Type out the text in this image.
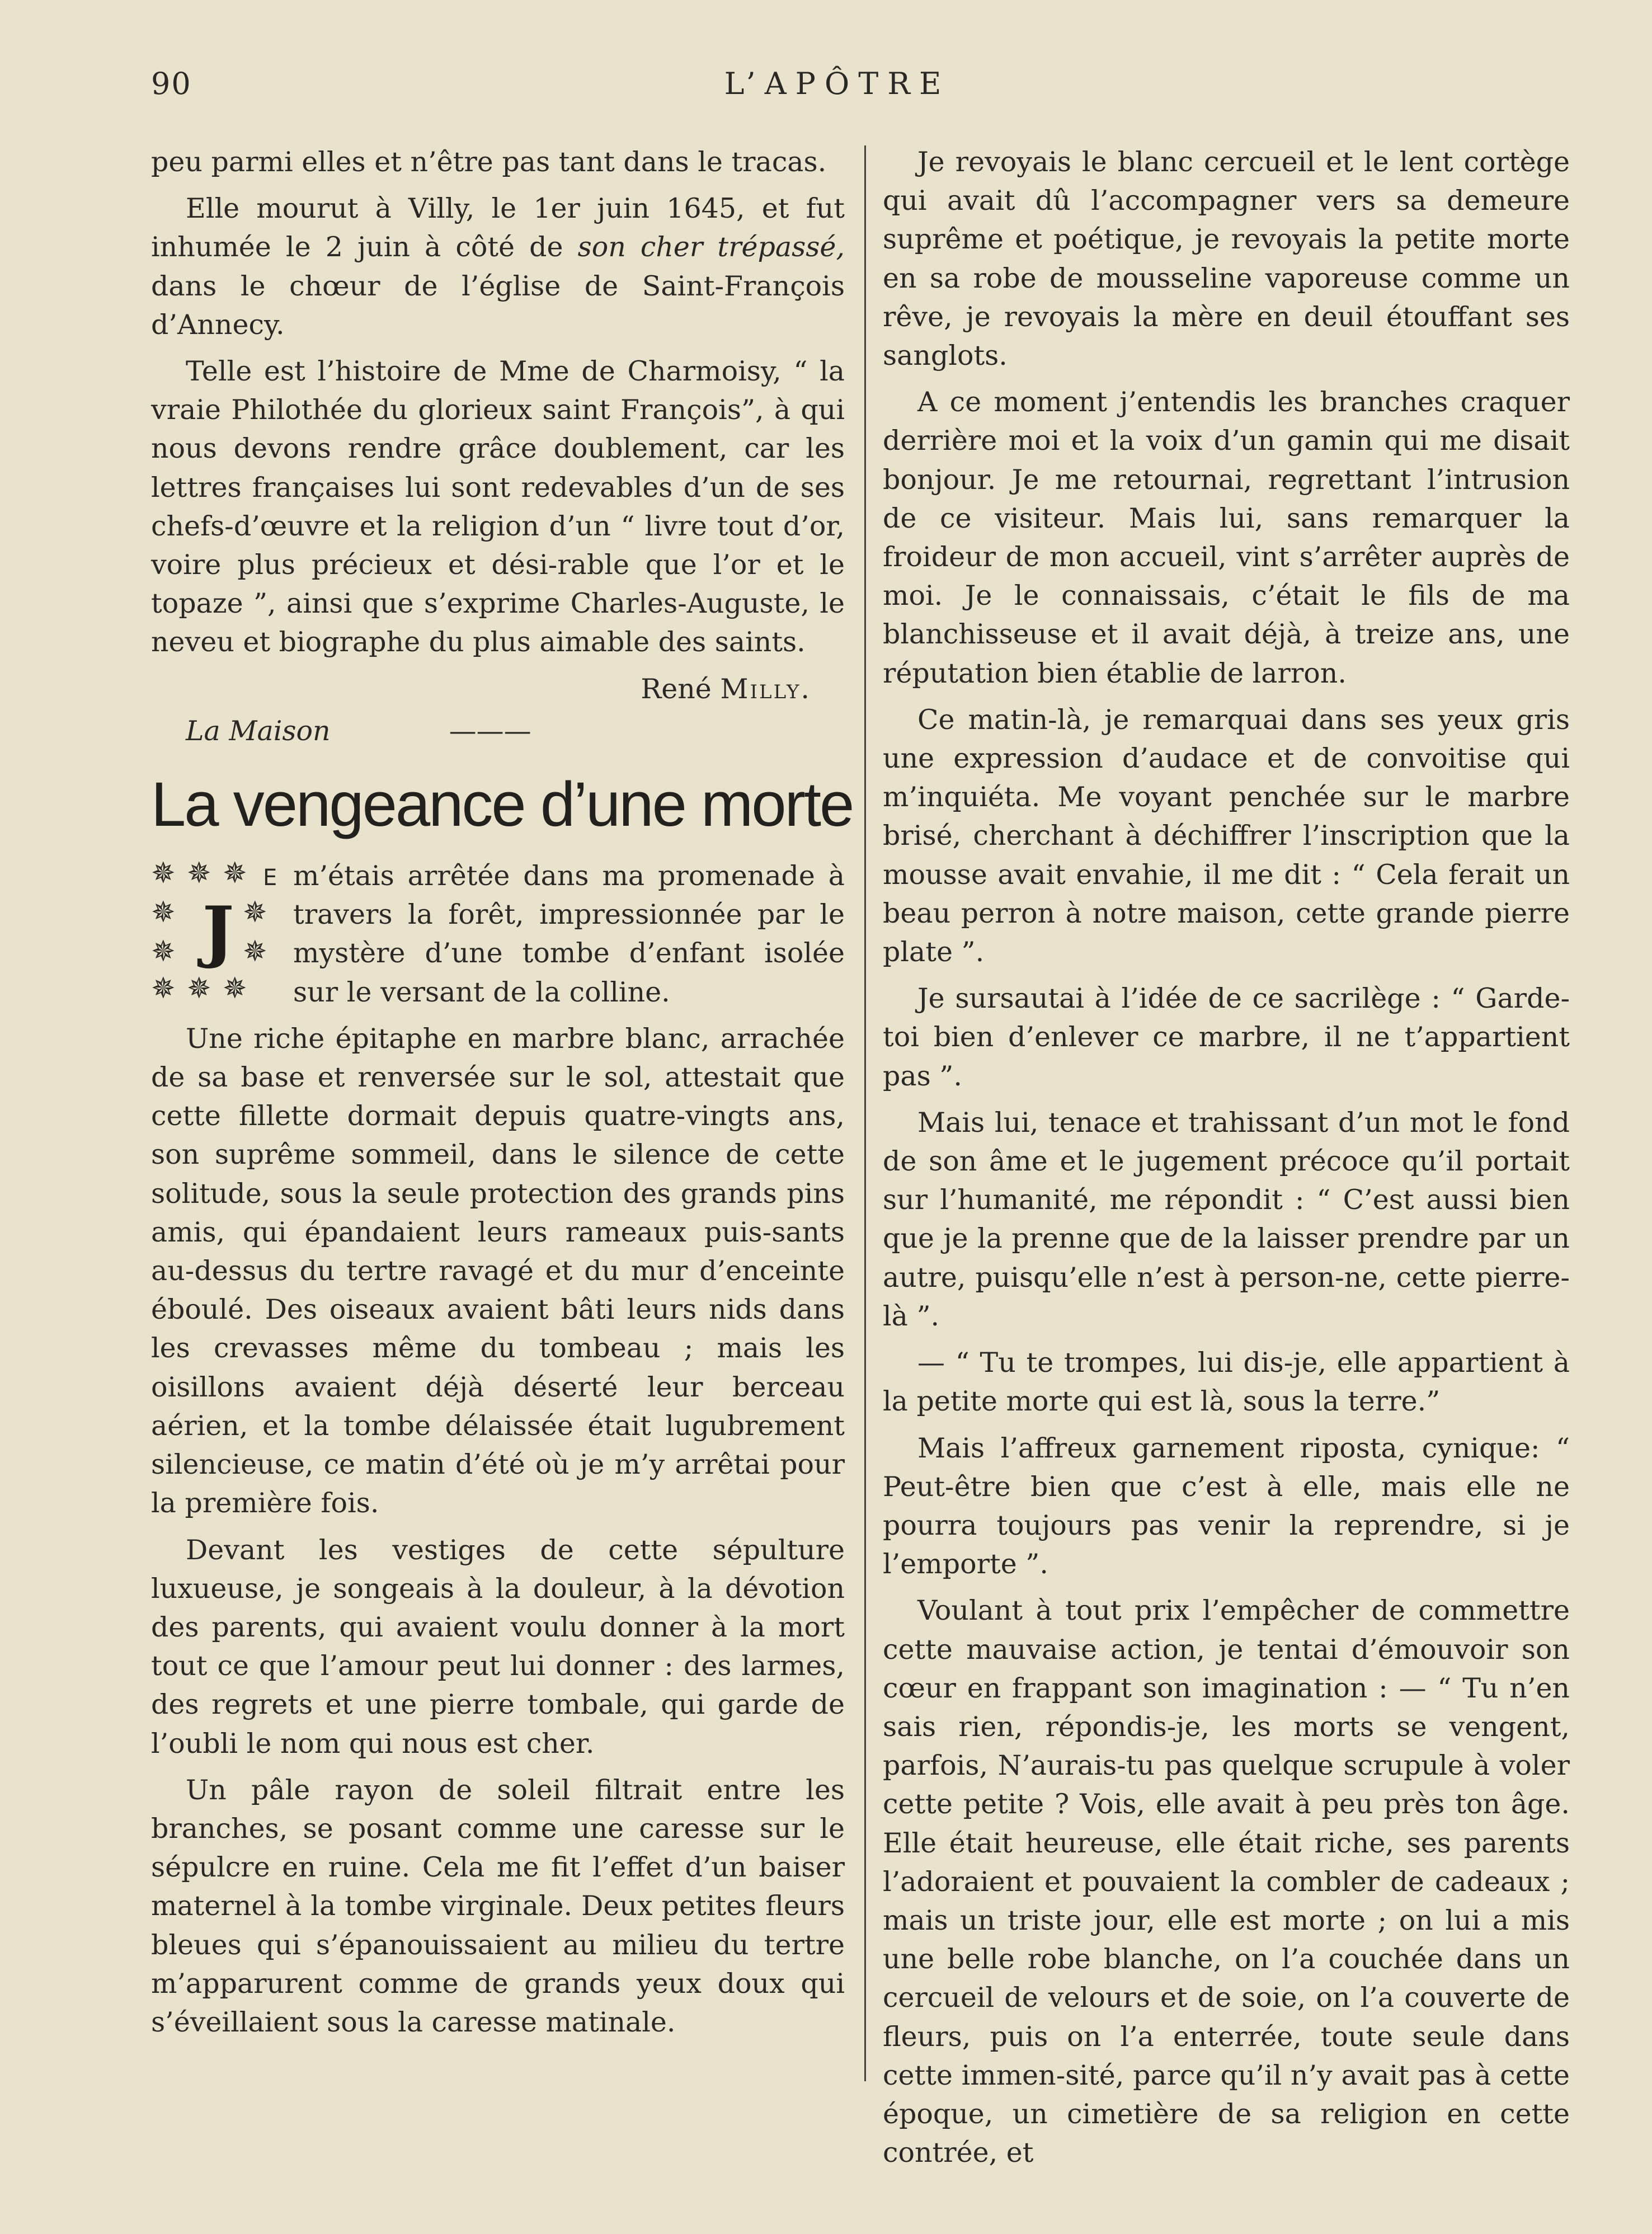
90	L’APÔTRE

peu parmi elles et n’être pas tant dans le tracas.

Elle mourut à Villy, le 1er juin 1645, et fut inhumée le 2 juin à côté de son cher trépassé, dans le chœur de l’église de Saint-François d’Annecy.

Telle est l’histoire de Mme de Charmoisy, “ la vraie Philothée du glorieux saint François”, à qui nous devons rendre grâce doublement, car les lettres françaises lui sont redevables d’un de ses chefs-d’œuvre et la religion d’un “ livre tout d’or, voire plus précieux et dési-rable que l’or et le topaze ”, ainsi que s’exprime Charles-Auguste, le neveu et biographe du plus aimable des saints.

René Milly.

La Maison	———

La vengeance d’une morte
✵ ✵ ✵ E
✵ ✵
✵ ✵
J
✵ ✵ ✵

m’étais arrêtée dans ma promenade à travers la forêt, impressionnée par le mystère d’une tombe d’enfant isolée sur le versant de la colline.

Une riche épitaphe en marbre blanc, arrachée de sa base et renversée sur le sol, attestait que cette fillette dormait depuis quatre-vingts ans, son suprême sommeil, dans le silence de cette solitude, sous la seule protection des grands pins amis, qui épandaient leurs rameaux puis-sants au-dessus du tertre ravagé et du mur d’enceinte éboulé. Des oiseaux avaient bâti leurs nids dans les crevasses même du tombeau ; mais les oisillons avaient déjà déserté leur berceau aérien, et la tombe délaissée était lugubrement silencieuse, ce matin d’été où je m’y arrêtai pour la première fois.

Devant les vestiges de cette sépulture luxueuse, je songeais à la douleur, à la dévotion des parents, qui avaient voulu donner à la mort tout ce que l’amour peut lui donner : des larmes, des regrets et une pierre tombale, qui garde de l’oubli le nom qui nous est cher.

Un pâle rayon de soleil filtrait entre les branches, se posant comme une caresse sur le sépulcre en ruine. Cela me fit l’effet d’un baiser maternel à la tombe virginale. Deux petites fleurs bleues qui s’épanouissaient au milieu du tertre m’apparurent comme de grands yeux doux qui s’éveillaient sous la caresse matinale.

Je revoyais le blanc cercueil et le lent cortège qui avait dû l’accompagner vers sa demeure suprême et poétique, je revoyais la petite morte en sa robe de mousseline vaporeuse comme un rêve, je revoyais la mère en deuil étouffant ses sanglots.

A ce moment j’entendis les branches craquer derrière moi et la voix d’un gamin qui me disait bonjour. Je me retournai, regrettant l’intrusion de ce visiteur. Mais lui, sans remarquer la froideur de mon accueil, vint s’arrêter auprès de moi. Je le connaissais, c’était le fils de ma blanchisseuse et il avait déjà, à treize ans, une réputation bien établie de larron.

Ce matin-là, je remarquai dans ses yeux gris une expression d’audace et de convoitise qui m’inquiéta. Me voyant penchée sur le marbre brisé, cherchant à déchiffrer l’inscription que la mousse avait envahie, il me dit : “ Cela ferait un beau perron à notre maison, cette grande pierre plate ”.

Je sursautai à l’idée de ce sacrilège : “ Garde-toi bien d’enlever ce marbre, il ne t’appartient pas ”.

Mais lui, tenace et trahissant d’un mot le fond de son âme et le jugement précoce qu’il portait sur l’humanité, me répondit : “ C’est aussi bien que je la prenne que de la laisser prendre par un autre, puisqu’elle n’est à person-ne, cette pierre-là ”.

— “ Tu te trompes, lui dis-je, elle appartient à la petite morte qui est là, sous la terre.”

Mais l’affreux garnement riposta, cynique: “ Peut-être bien que c’est à elle, mais elle ne pourra toujours pas venir la reprendre, si je l’emporte ”.

Voulant à tout prix l’empêcher de commettre cette mauvaise action, je tentai d’émouvoir son cœur en frappant son imagination : — “ Tu n’en sais rien, répondis-je, les morts se vengent, parfois, N’aurais-tu pas quelque scrupule à voler cette petite ? Vois, elle avait à peu près ton âge. Elle était heureuse, elle était riche, ses parents l’adoraient et pouvaient la combler de cadeaux ; mais un triste jour, elle est morte ; on lui a mis une belle robe blanche, on l’a couchée dans un cercueil de velours et de soie, on l’a couverte de fleurs, puis on l’a enterrée, toute seule dans cette immen-sité, parce qu’il n’y avait pas à cette époque, un cimetière de sa religion en cette contrée, et
